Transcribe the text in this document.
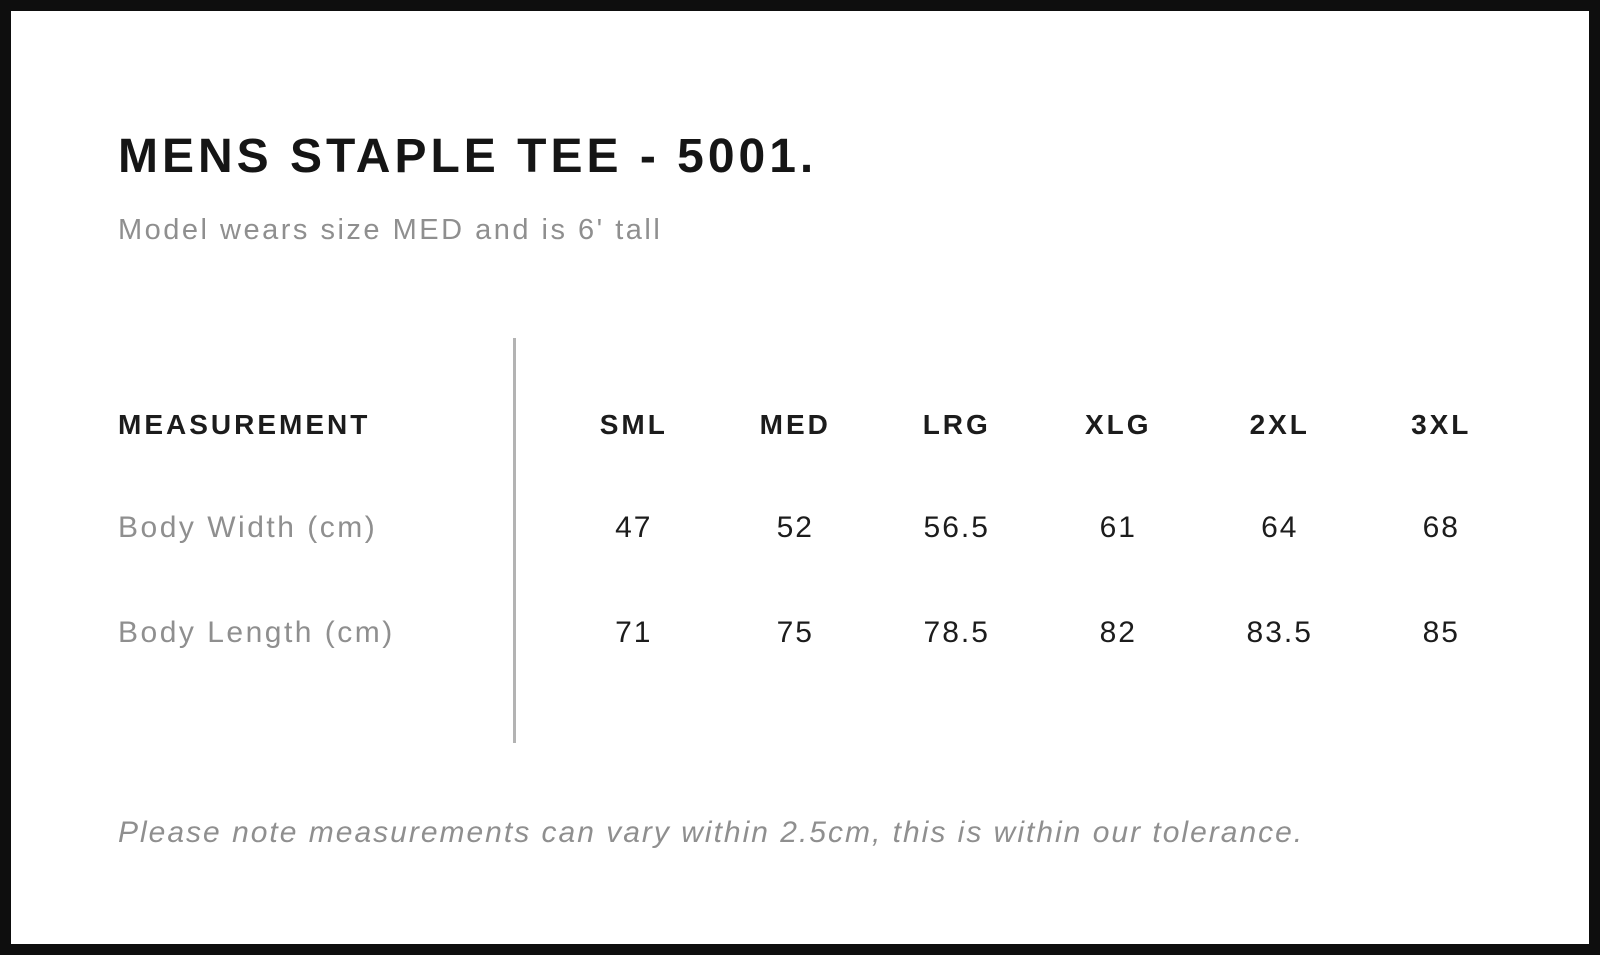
MENS STAPLE TEE - 5001.
Model wears size MED and is 6' tall
MEASUREMENT	SML	MED	LRG	XLG	2XL	3XL
Body Width (cm)	47	52	56.5	61	64	68
Body Length (cm)	71	75	78.5	82	83.5	85
Please note measurements can vary within 2.5cm, this is within our tolerance.
